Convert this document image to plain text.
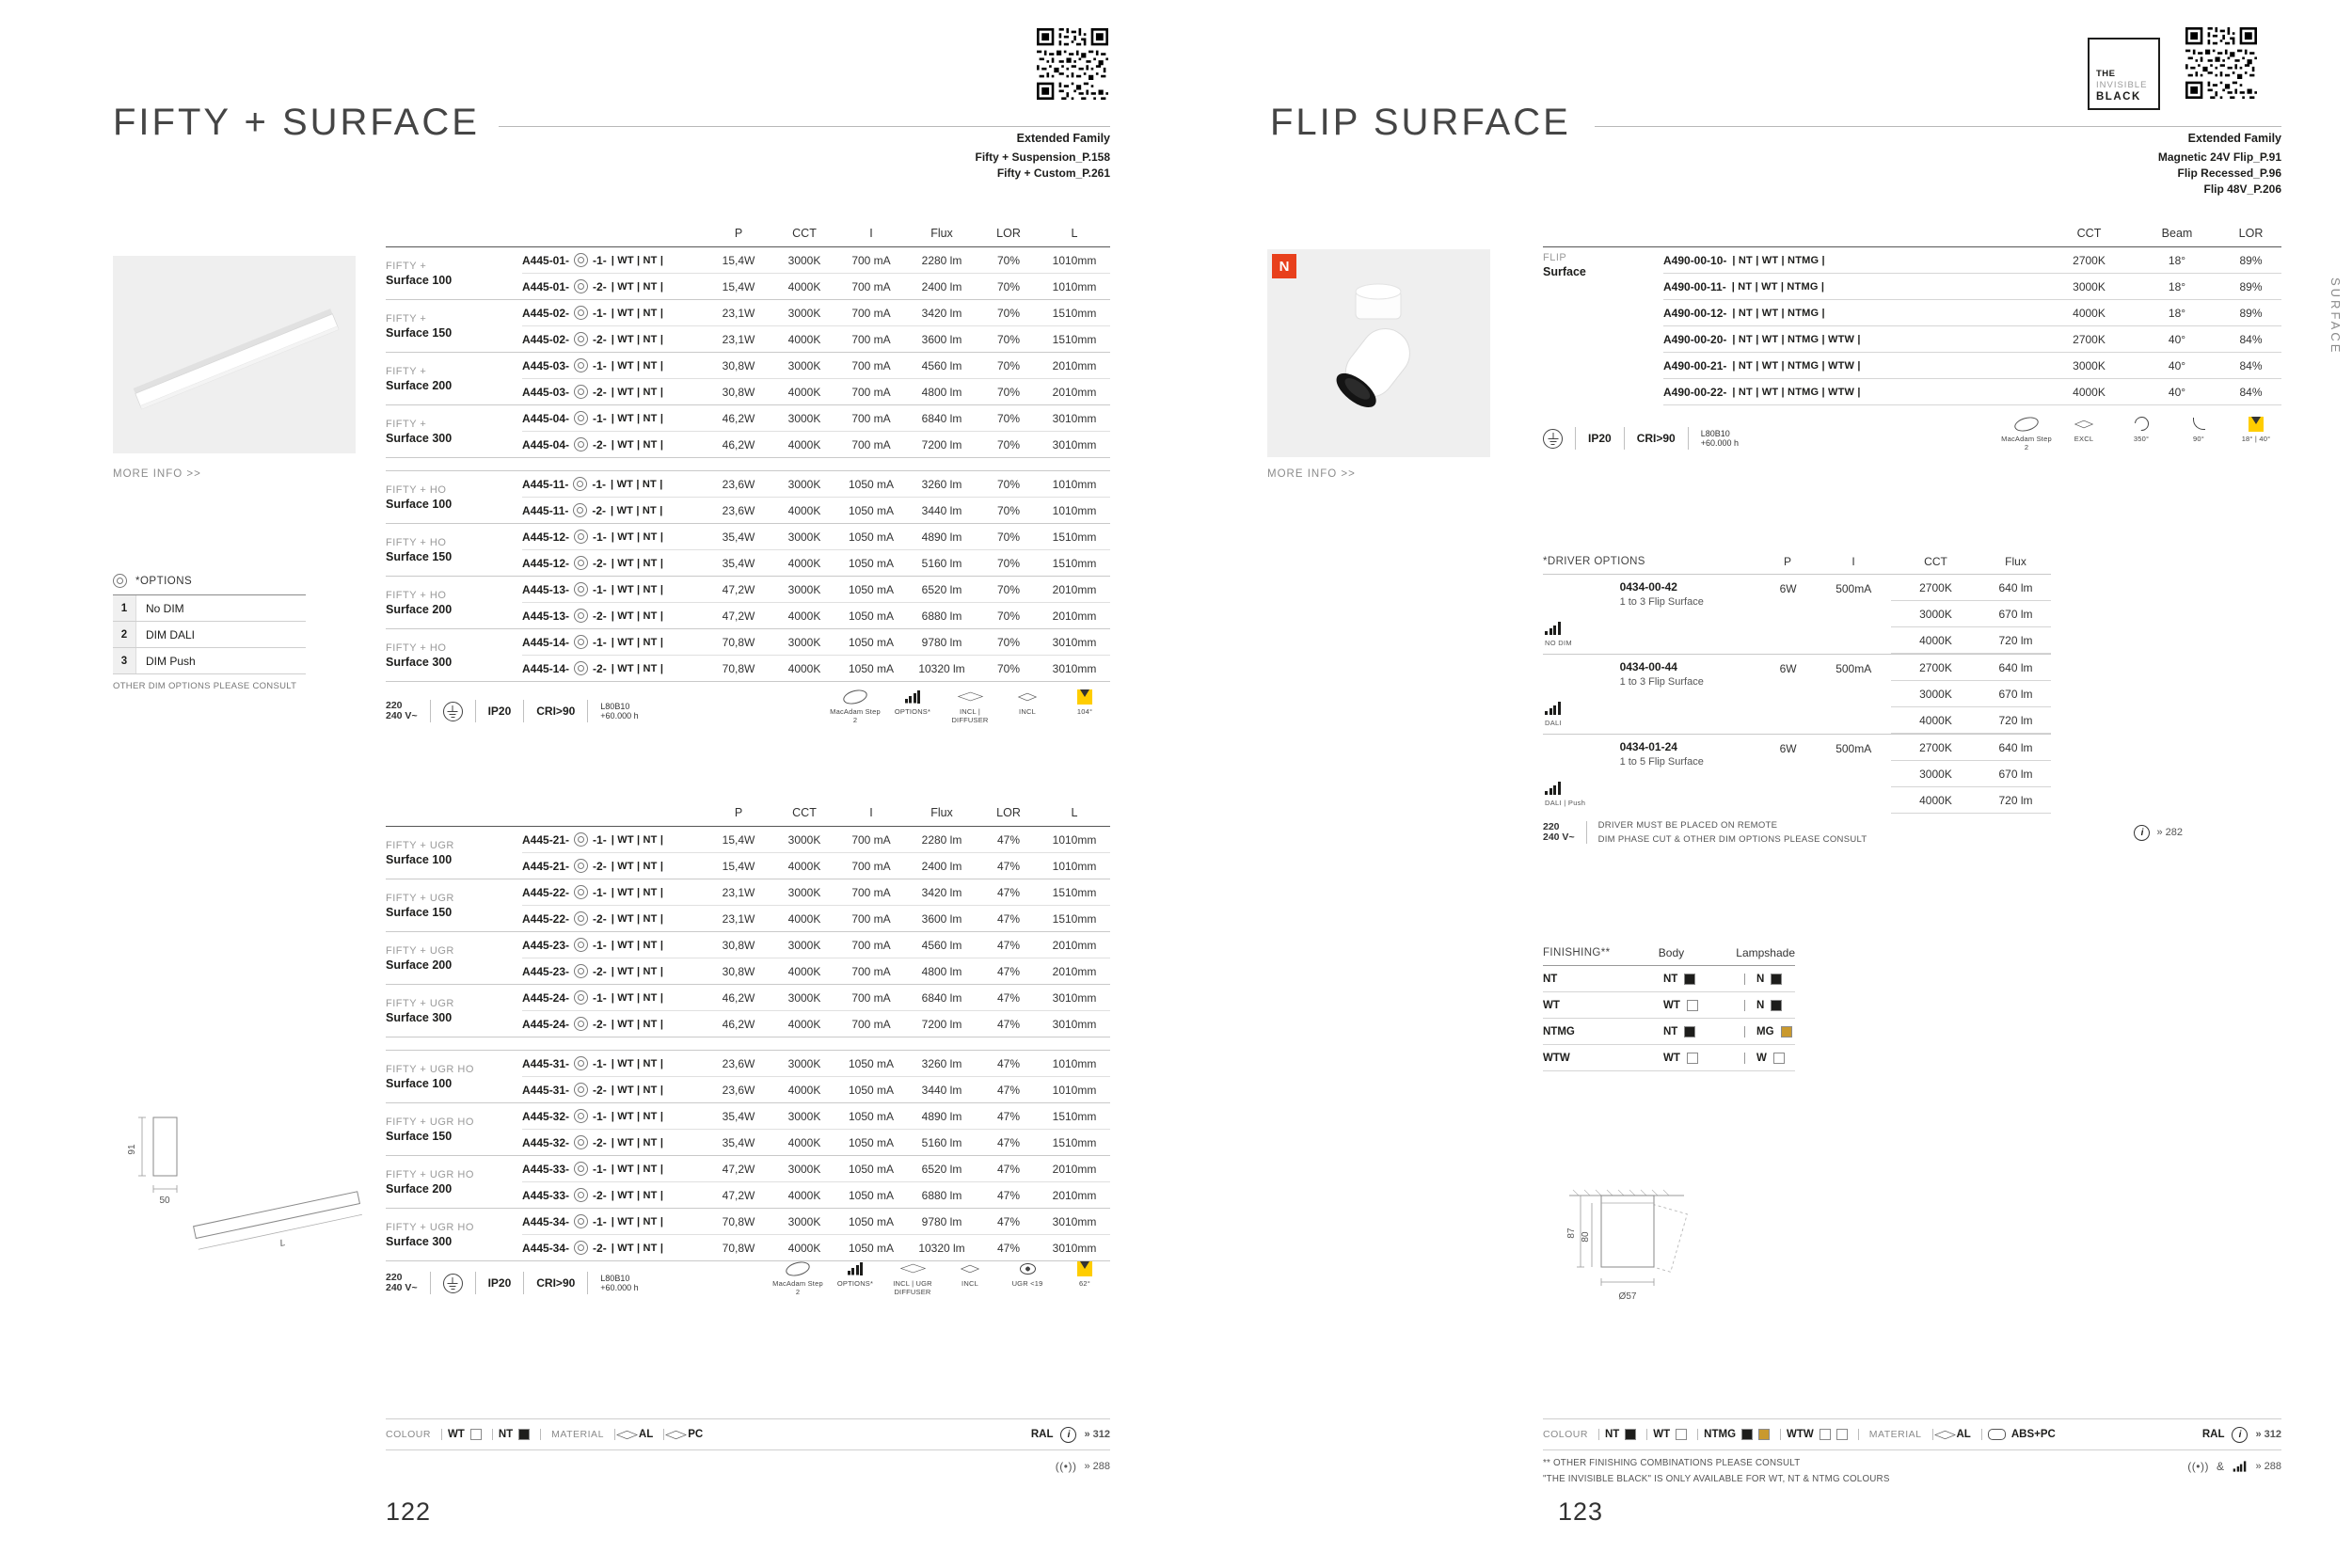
FIFTY + SURFACE	Extended Family
Fifty + Suspension_P.158
Fifty + Custom_P.261
MORE INFO >>
*OPTIONS
1	No DIM
2	DIM DALI
3	DIM Push
OTHER DIM OPTIONS PLEASE CONSULT
P	CCT	I	Flux	LOR	L
FIFTY +
Surface 100
A445-01- -1- | WT | NT |	15,4W	3000K	700 mA	2280 lm	70%	1010mm
A445-01- -2- | WT | NT |	15,4W	4000K	700 mA	2400 lm	70%	1010mm
FIFTY +
Surface 150
A445-02- -1- | WT | NT |	23,1W	3000K	700 mA	3420 lm	70%	1510mm
A445-02- -2- | WT | NT |	23,1W	4000K	700 mA	3600 lm	70%	1510mm
FIFTY +
Surface 200
A445-03- -1- | WT | NT |	30,8W	3000K	700 mA	4560 lm	70%	2010mm
A445-03- -2- | WT | NT |	30,8W	4000K	700 mA	4800 lm	70%	2010mm
FIFTY +
Surface 300
A445-04- -1- | WT | NT |	46,2W	3000K	700 mA	6840 lm	70%	3010mm
A445-04- -2- | WT | NT |	46,2W	4000K	700 mA	7200 lm	70%	3010mm
FIFTY + HO
Surface 100
A445-11- -1- | WT | NT |	23,6W	3000K	1050 mA	3260 lm	70%	1010mm
A445-11- -2- | WT | NT |	23,6W	4000K	1050 mA	3440 lm	70%	1010mm
FIFTY + HO
Surface 150
A445-12- -1- | WT | NT |	35,4W	3000K	1050 mA	4890 lm	70%	1510mm
A445-12- -2- | WT | NT |	35,4W	4000K	1050 mA	5160 lm	70%	1510mm
FIFTY + HO
Surface 200
A445-13- -1- | WT | NT |	47,2W	3000K	1050 mA	6520 lm	70%	2010mm
A445-13- -2- | WT | NT |	47,2W	4000K	1050 mA	6880 lm	70%	2010mm
FIFTY + HO
Surface 300
A445-14- -1- | WT | NT |	70,8W	3000K	1050 mA	9780 lm	70%	3010mm
A445-14- -2- | WT | NT |	70,8W	4000K	1050 mA	10320 lm	70%	3010mm
220
240 V~	IP20 CRI>90	L80B10
+60.000 h	MacAdam Step 2
OPTIONS*	INCL | DIFFUSER
INCL	104°
P	CCT	I	Flux	LOR	L
FIFTY + UGR
Surface 100
A445-21- -1- | WT | NT |	15,4W	3000K	700 mA	2280 lm	47%	1010mm
A445-21- -2- | WT | NT |	15,4W	4000K	700 mA	2400 lm	47%	1010mm
FIFTY + UGR
Surface 150
A445-22- -1- | WT | NT |	23,1W	3000K	700 mA	3420 lm	47%	1510mm
A445-22- -2- | WT | NT |	23,1W	4000K	700 mA	3600 lm	47%	1510mm
FIFTY + UGR
Surface 200
A445-23- -1- | WT | NT |	30,8W	3000K	700 mA	4560 lm	47%	2010mm
A445-23- -2- | WT | NT |	30,8W	4000K	700 mA	4800 lm	47%	2010mm
FIFTY + UGR
Surface 300
A445-24- -1- | WT | NT |	46,2W	3000K	700 mA	6840 lm	47%	3010mm
A445-24- -2- | WT | NT |	46,2W	4000K	700 mA	7200 lm	47%	3010mm
FIFTY + UGR HO
Surface 100
A445-31- -1- | WT | NT |	23,6W	3000K	1050 mA	3260 lm	47%	1010mm
A445-31- -2- | WT | NT |	23,6W	4000K	1050 mA	3440 lm	47%	1010mm
FIFTY + UGR HO
Surface 150
A445-32- -1- | WT | NT |	35,4W	3000K	1050 mA	4890 lm	47%	1510mm
A445-32- -2- | WT | NT |	35,4W	4000K	1050 mA	5160 lm	47%	1510mm
FIFTY + UGR HO
Surface 200
A445-33- -1- | WT | NT |	47,2W	3000K	1050 mA	6520 lm	47%	2010mm
A445-33- -2- | WT | NT |	47,2W	4000K	1050 mA	6880 lm	47%	2010mm
FIFTY + UGR HO
Surface 300
A445-34- -1- | WT | NT |	70,8W	3000K	1050 mA	9780 lm	47%	3010mm
A445-34- -2- | WT | NT |	70,8W	4000K	1050 mA	10320 lm	47%	3010mm
220
240 V~	IP20 CRI>90	L80B10
+60.000 h	MacAdam Step 2
OPTIONS*	INCL | UGR DIFFUSER
INCL	UGR <19	62°
91
50
L
COLOUR WT	NT	MATERIAL	AL	PC	RAL	i	» 312
((•)) » 288
122
FLIP SURFACE
THE
INVISIBLE
BLACK
Extended Family
Magnetic 24V Flip_P.91
Flip Recessed_P.96
Flip 48V_P.206
N
MORE INFO >>
CCT	Beam	LOR
FLIP
Surface
A490-00-10- | NT | WT | NTMG |	2700K	18°	89%
A490-00-11- | NT | WT | NTMG |	3000K	18°	89%
A490-00-12- | NT | WT | NTMG |	4000K	18°	89%
A490-00-20- | NT | WT | NTMG | WTW |	2700K	40°	84%
A490-00-21- | NT | WT | NTMG | WTW |	3000K	40°	84%
A490-00-22- | NT | WT | NTMG | WTW |	4000K	40°	84%
IP20 CRI>90	L80B10
+60.000 h	MacAdam Step 2
EXCL	350°	90°	18° | 40°
*DRIVER OPTIONS	P	I	CCT	Flux
NO DIM
0434-00-42
1 to 3 Flip Surface
6W	500mA	2700K	640 lm
3000K	670 lm
4000K	720 lm
DALI
0434-00-44
1 to 3 Flip Surface
6W	500mA	2700K	640 lm
3000K	670 lm
4000K	720 lm
DALI | Push
0434-01-24
1 to 5 Flip Surface
6W	500mA	2700K	640 lm
3000K	670 lm
4000K	720 lm
220
240 V~
DRIVER MUST BE PLACED ON REMOTE
DIM PHASE CUT & OTHER DIM OPTIONS PLEASE CONSULT
i	» 282
FINISHING**	Body	Lampshade
NT	NT	N
WT	WT	N
NTMG	NT	MG
WTW	WT	W
87 80
Ø57
COLOUR NT	WT	NTMG	WTW	MATERIAL	AL	ABS+PC	RAL	i	» 312
** OTHER FINISHING COMBINATIONS PLEASE CONSULT
"THE INVISIBLE BLACK" IS ONLY AVAILABLE FOR WT, NT & NTMG COLOURS
((•)) &	» 288
123
SURFACE
